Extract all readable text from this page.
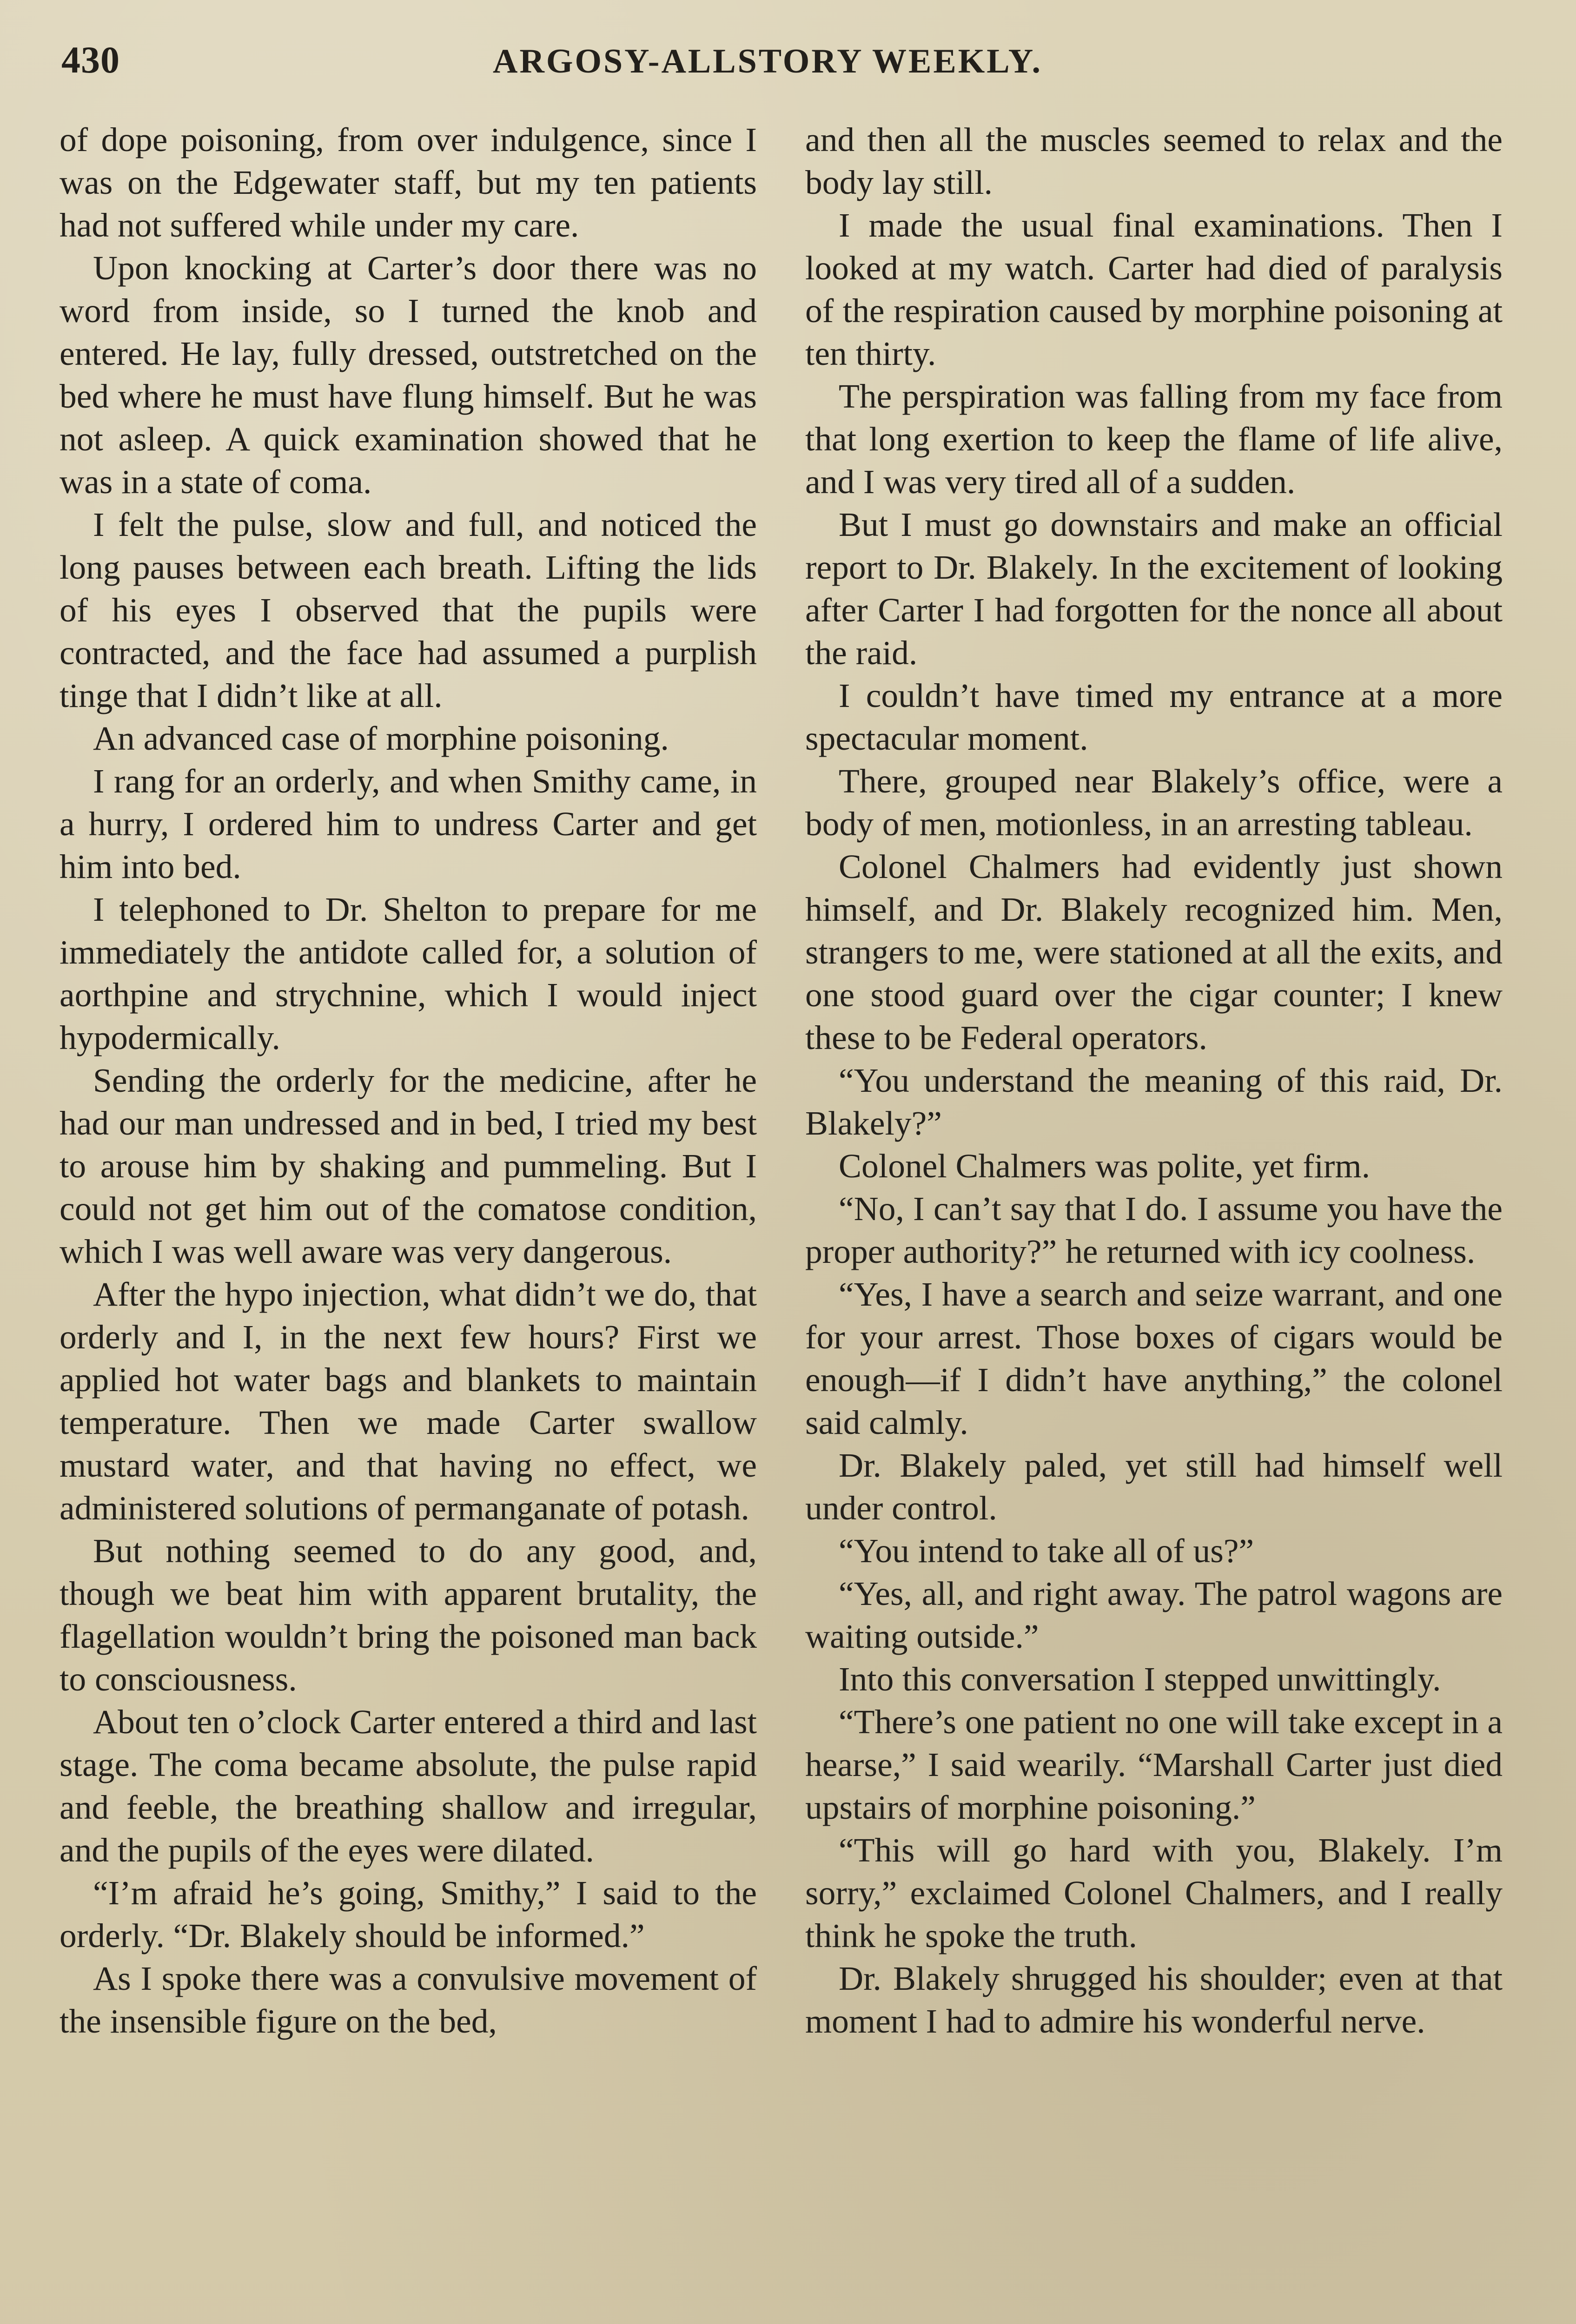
430	ARGOSY-ALLSTORY WEEKLY.

of dope poisoning, from over indulgence, since I was on the Edgewater staff, but my ten patients had not suffered while under my care.

Upon knocking at Carter’s door there was no word from inside, so I turned the knob and entered. He lay, fully dressed, outstretched on the bed where he must have flung himself. But he was not asleep. A quick examination showed that he was in a state of coma.

I felt the pulse, slow and full, and noticed the long pauses between each breath. Lifting the lids of his eyes I observed that the pupils were contracted, and the face had assumed a purplish tinge that I didn’t like at all.

An advanced case of morphine poisoning.

I rang for an orderly, and when Smithy came, in a hurry, I ordered him to undress Carter and get him into bed.

I telephoned to Dr. Shelton to prepare for me immediately the antidote called for, a solution of aorthpine and strychnine, which I would inject hypodermically.

Sending the orderly for the medicine, after he had our man undressed and in bed, I tried my best to arouse him by shaking and pummeling. But I could not get him out of the comatose condition, which I was well aware was very dangerous.

After the hypo injection, what didn’t we do, that orderly and I, in the next few hours? First we applied hot water bags and blankets to maintain temperature. Then we made Carter swallow mustard water, and that having no effect, we administered solutions of permanganate of potash.

But nothing seemed to do any good, and, though we beat him with apparent brutality, the flagellation wouldn’t bring the poisoned man back to consciousness.

About ten o’clock Carter entered a third and last stage. The coma became absolute, the pulse rapid and feeble, the breathing shallow and irregular, and the pupils of the eyes were dilated.

“I’m afraid he’s going, Smithy,” I said to the orderly. “Dr. Blakely should be informed.”

As I spoke there was a convulsive movement of the insensible figure on the bed,

and then all the muscles seemed to relax and the body lay still.

I made the usual final examinations. Then I looked at my watch. Carter had died of paralysis of the respiration caused by morphine poisoning at ten thirty.

The perspiration was falling from my face from that long exertion to keep the flame of life alive, and I was very tired all of a sudden.

But I must go downstairs and make an official report to Dr. Blakely. In the excitement of looking after Carter I had forgotten for the nonce all about the raid.

I couldn’t have timed my entrance at a more spectacular moment.

There, grouped near Blakely’s office, were a body of men, motionless, in an arresting tableau.

Colonel Chalmers had evidently just shown himself, and Dr. Blakely recognized him. Men, strangers to me, were stationed at all the exits, and one stood guard over the cigar counter; I knew these to be Federal operators.

“You understand the meaning of this raid, Dr. Blakely?”

Colonel Chalmers was polite, yet firm.

“No, I can’t say that I do. I assume you have the proper authority?” he returned with icy coolness.

“Yes, I have a search and seize warrant, and one for your arrest. Those boxes of cigars would be enough—if I didn’t have anything,” the colonel said calmly.

Dr. Blakely paled, yet still had himself well under control.

“You intend to take all of us?”

“Yes, all, and right away. The patrol wagons are waiting outside.”

Into this conversation I stepped unwittingly.

“There’s one patient no one will take except in a hearse,” I said wearily. “Marshall Carter just died upstairs of morphine poisoning.”

“This will go hard with you, Blakely. I’m sorry,” exclaimed Colonel Chalmers, and I really think he spoke the truth.

Dr. Blakely shrugged his shoulder; even at that moment I had to admire his wonderful nerve.
